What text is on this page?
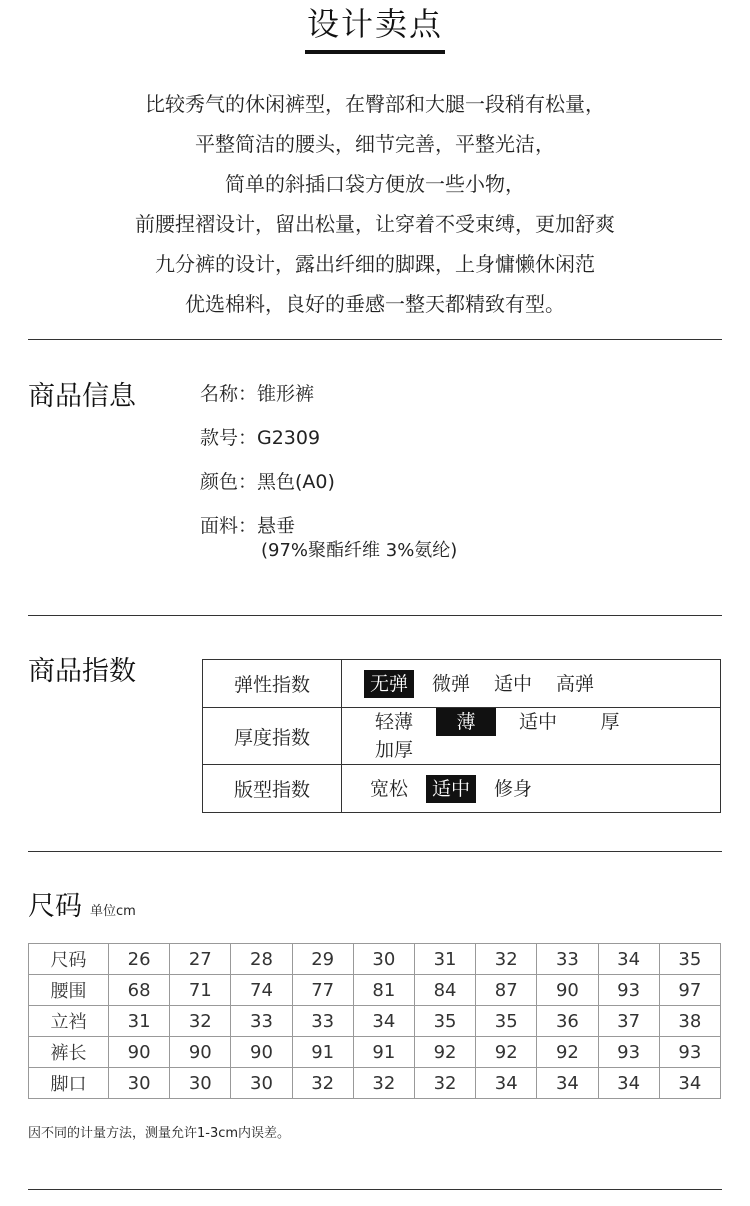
设计卖点
比较秀气的休闲裤型，在臀部和大腿一段稍有松量，
平整简洁的腰头，细节完善，平整光洁，
简单的斜插口袋方便放一些小物，
前腰捏褶设计，留出松量，让穿着不受束缚，更加舒爽
九分裤的设计，露出纤细的脚踝，上身慵懒休闲范
优选棉料，良好的垂感一整天都精致有型。
商品信息	名称：锥形裤
款号：G2309
颜色：黑色(A0)
面料：悬垂
(97%聚酯纤维 3%氨纶)
商品指数	弹性指数	无弹 微弹 适中 高弹
厚度指数	轻薄 薄 适中 厚加厚
版型指数	宽松 适中 修身
尺码 单位cm
尺码	26	27	28	29	30	31	32	33	34	35
腰围	68	71	74	77	81	84	87	90	93	97
立裆	31	32	33	33	34	35	35	36	37	38
裤长	90	90	90	91	91	92	92	92	93	93
脚口	30	30	30	32	32	32	34	34	34	34
因不同的计量方法，测量允许1-3cm内误差。
